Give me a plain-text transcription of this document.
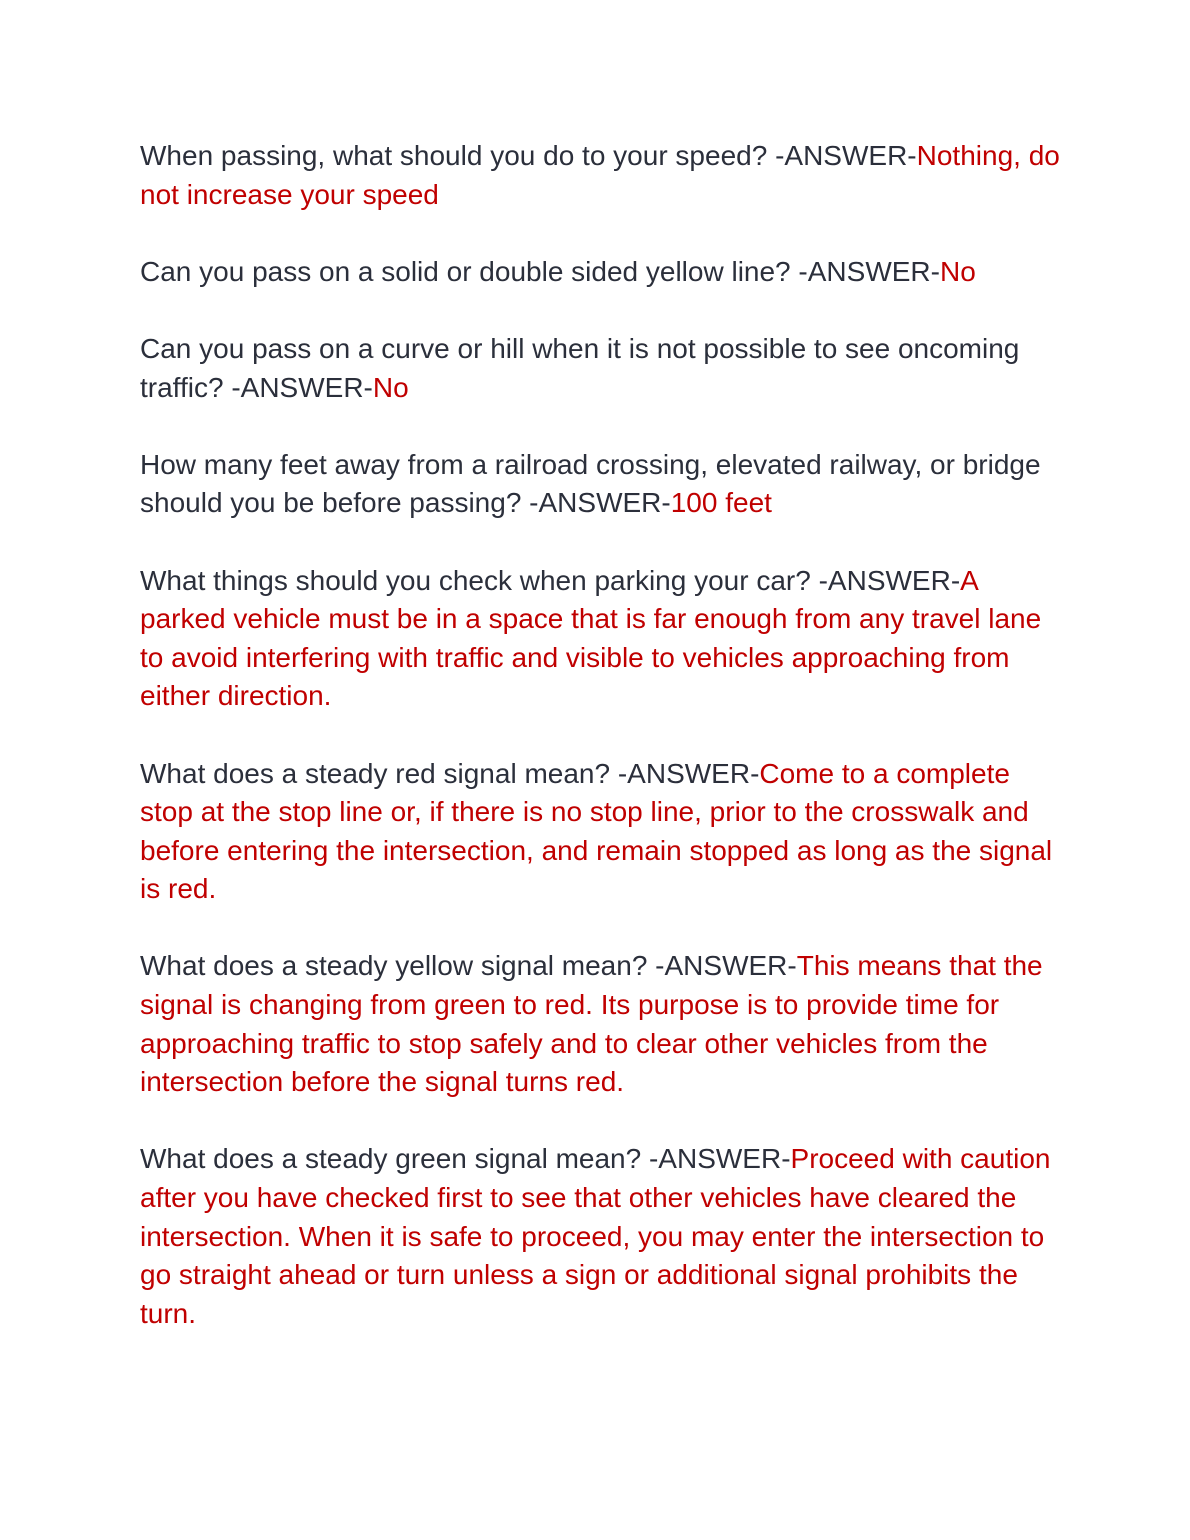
When passing, what should you do to your speed? -ANSWER-Nothing, do not increase your speed

Can you pass on a solid or double sided yellow line? -ANSWER-No

Can you pass on a curve or hill when it is not possible to see oncoming traffic? -ANSWER-No

How many feet away from a railroad crossing, elevated railway, or bridge should you be before passing? -ANSWER-100 feet

What things should you check when parking your car? -ANSWER-A parked vehicle must be in a space that is far enough from any travel lane to avoid interfering with traffic and visible to vehicles approaching from either direction.

What does a steady red signal mean? -ANSWER-Come to a complete stop at the stop line or, if there is no stop line, prior to the crosswalk and before entering the intersection, and remain stopped as long as the signal is red.

What does a steady yellow signal mean? -ANSWER-This means that the signal is changing from green to red. Its purpose is to provide time for approaching traffic to stop safely and to clear other vehicles from the intersection before the signal turns red.

What does a steady green signal mean? -ANSWER-Proceed with caution after you have checked first to see that other vehicles have cleared the intersection. When it is safe to proceed, you may enter the intersection to go straight ahead or turn unless a sign or additional signal prohibits the turn.
